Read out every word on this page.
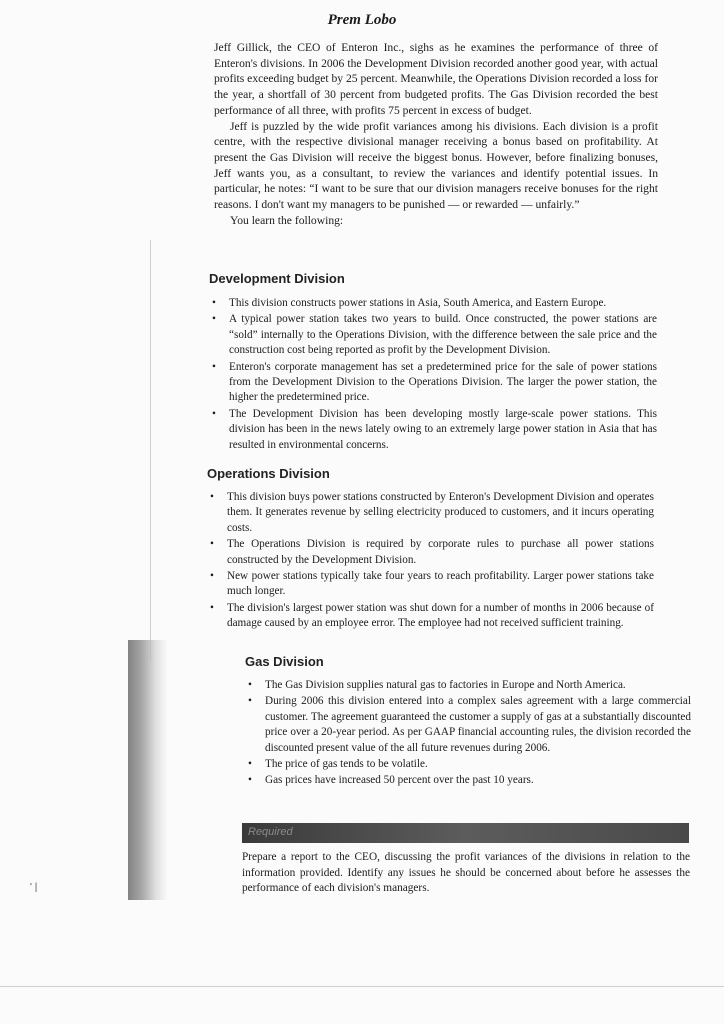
Prem Lobo

Jeff Gillick, the CEO of Enteron Inc., sighs as he examines the performance of three of Enteron's divisions. In 2006 the Development Division recorded another good year, with actual profits exceeding budget by 25 percent. Meanwhile, the Operations Division recorded a loss for the year, a shortfall of 30 percent from budgeted profits. The Gas Division recorded the best performance of all three, with profits 75 percent in excess of budget.

Jeff is puzzled by the wide profit variances among his divisions. Each division is a profit centre, with the respective divisional manager receiving a bonus based on profitability. At present the Gas Division will receive the biggest bonus. However, before finalizing bonuses, Jeff wants you, as a consultant, to review the variances and identify potential issues. In particular, he notes: “I want to be sure that our division managers receive bonuses for the right reasons. I don't want my managers to be punished — or rewarded — unfairly.”

You learn the following:

Development Division
• This division constructs power stations in Asia, South America, and Eastern Europe.
• A typical power station takes two years to build. Once constructed, the power stations are “sold” internally to the Operations Division, with the difference between the sale price and the construction cost being reported as profit by the Development Division.
• Enteron's corporate management has set a predetermined price for the sale of power stations from the Development Division to the Operations Division. The larger the power station, the higher the predetermined price.
• The Development Division has been developing mostly large-scale power stations. This division has been in the news lately owing to an extremely large power station in Asia that has resulted in environmental concerns.
Operations Division
• This division buys power stations constructed by Enteron's Development Division and operates them. It generates revenue by selling electricity produced to customers, and it incurs operating costs.
• The Operations Division is required by corporate rules to purchase all power stations constructed by the Development Division.
• New power stations typically take four years to reach profitability. Larger power stations take much longer.
• The division's largest power station was shut down for a number of months in 2006 because of damage caused by an employee error. The employee had not received sufficient training.
Gas Division
• The Gas Division supplies natural gas to factories in Europe and North America.
• During 2006 this division entered into a complex sales agreement with a large commercial customer. The agreement guaranteed the customer a supply of gas at a substantially discounted price over a 20-year period. As per GAAP financial accounting rules, the division recorded the discounted present value of the all future revenues during 2006.
• The price of gas tends to be volatile.
• Gas prices have increased 50 percent over the past 10 years.
Required

Prepare a report to the CEO, discussing the profit variances of the divisions in relation to the information provided. Identify any issues he should be concerned about before he assesses the performance of each division's managers.

' |
